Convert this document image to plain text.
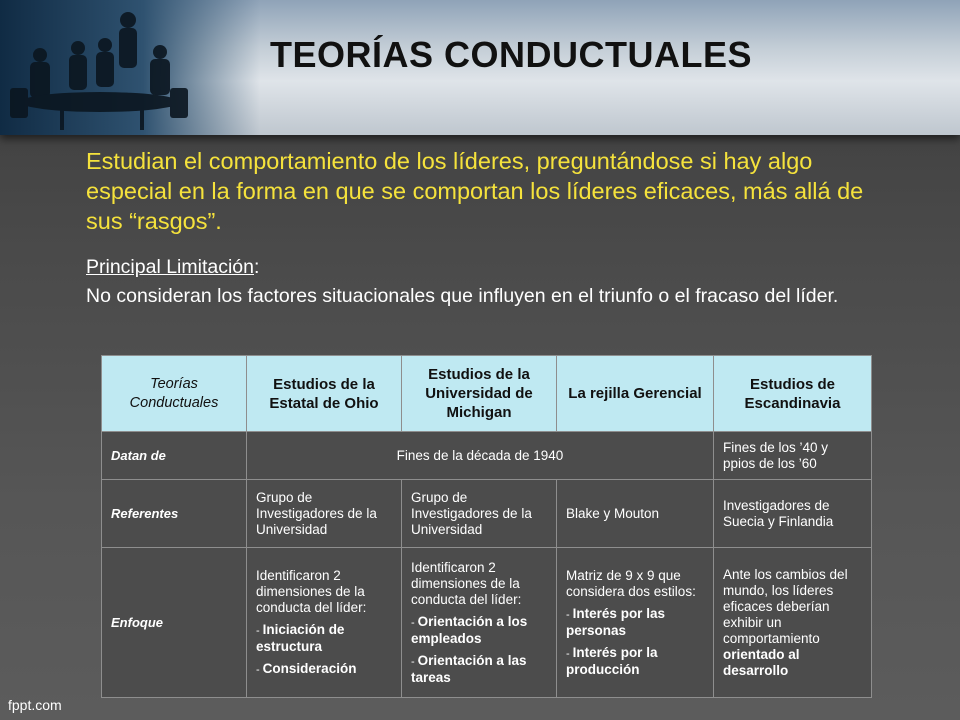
TEORÍAS CONDUCTUALES
Estudian el comportamiento de los líderes, preguntándose si hay algo especial en la forma en que se comportan los líderes eficaces, más allá de sus “rasgos”.
Principal Limitación:
No consideran los factores situacionales que influyen en el triunfo o el fracaso del líder.
Teorías Conductuales	Estudios de la Estatal de Ohio	Estudios de la Universidad de Michigan	La rejilla Gerencial	Estudios de Escandinavia
Datan de	Fines de la década de 1940			Fines de los ’40 y ppios de los ’60
Referentes	Grupo de Investigadores de la Universidad	Grupo de Investigadores de la Universidad	Blake y Mouton	Investigadores de Suecia y Finlandia
Enfoque	Identificaron 2 dimensiones de la conducta del líder:
- Iniciación de estructura
- Consideración	Identificaron 2 dimensiones de la conducta del líder:
- Orientación a los empleados
- Orientación a las tareas	Matriz de 9 x 9 que considera dos estilos:
- Interés por las personas
- Interés por la producción	Ante los cambios del mundo, los líderes eficaces deberían exhibir un comportamiento orientado al desarrollo
fppt.com
